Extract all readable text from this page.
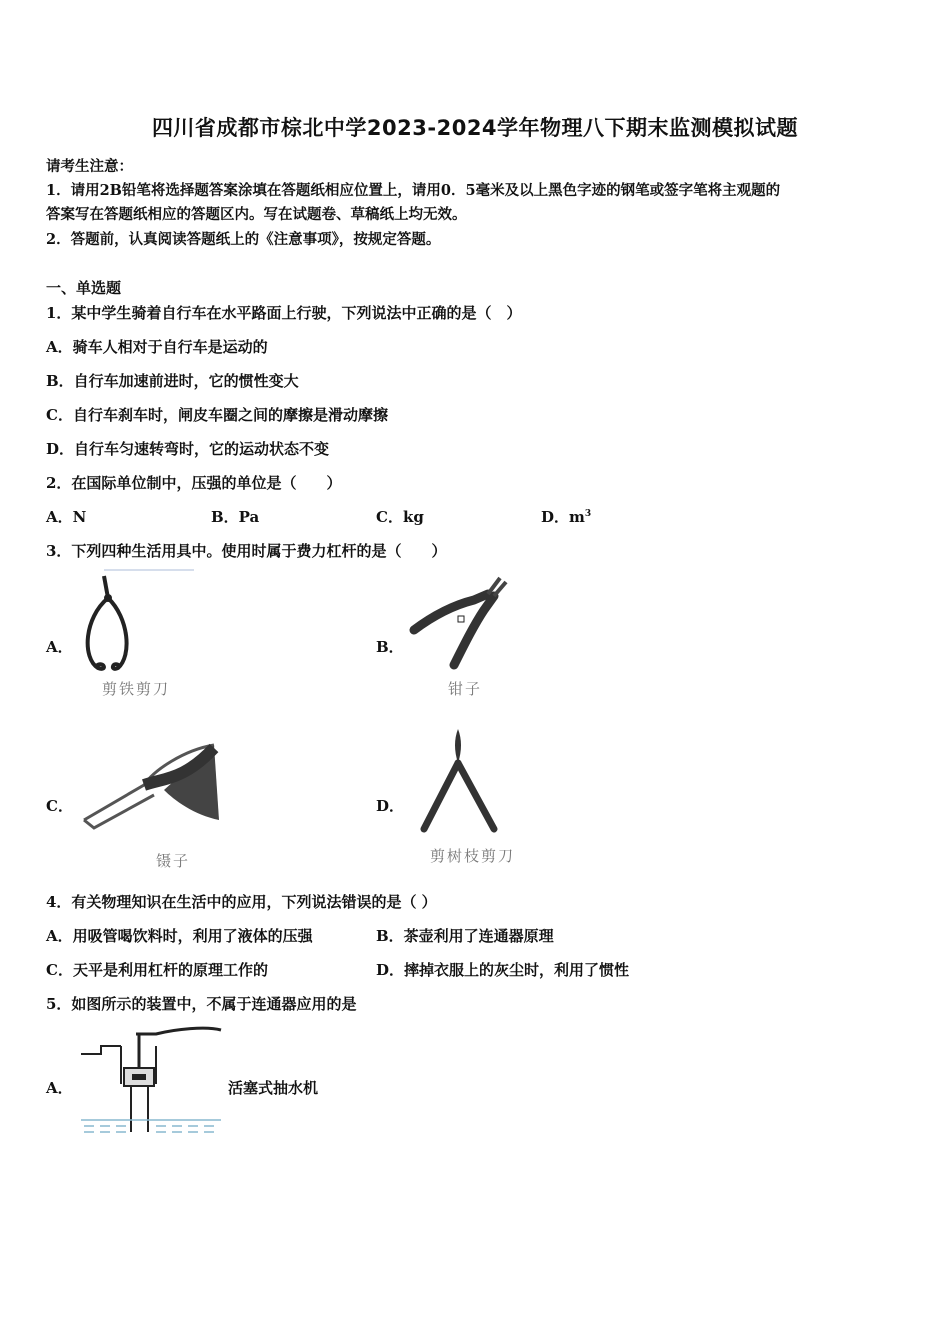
四川省成都市棕北中学2023-2024学年物理八下期末监测模拟试题
请考生注意：
1．请用2B铅笔将选择题答案涂填在答题纸相应位置上，请用0．5毫米及以上黑色字迹的钢笔或签字笔将主观题的
答案写在答题纸相应的答题区内。写在试题卷、草稿纸上均无效。
2．答题前，认真阅读答题纸上的《注意事项》，按规定答题。
一、单选题
1．某中学生骑着自行车在水平路面上行驶，下列说法中正确的是（　）
A．骑车人相对于自行车是运动的
B．自行车加速前进时，它的惯性变大
C．自行车刹车时，闸皮车圈之间的摩擦是滑动摩擦
D．自行车匀速转弯时，它的运动状态不变
2．在国际单位制中，压强的单位是（　　）
A．N	B．Pa	C．kg	D．$m^3$
3．下列四种生活用具中。使用时属于费力杠杆的是（　　）
A．
剪铁剪刀
B．
钳子
C．
镊子
D．
剪树枝剪刀
4．有关物理知识在生活中的应用，下列说法错误的是（ ）
A．用吸管喝饮料时，利用了液体的压强	B．茶壶利用了连通器原理
C．天平是利用杠杆的原理工作的	D．摔掉衣服上的灰尘时，利用了惯性
5．如图所示的装置中，不属于连通器应用的是
A．	活塞式抽水机
